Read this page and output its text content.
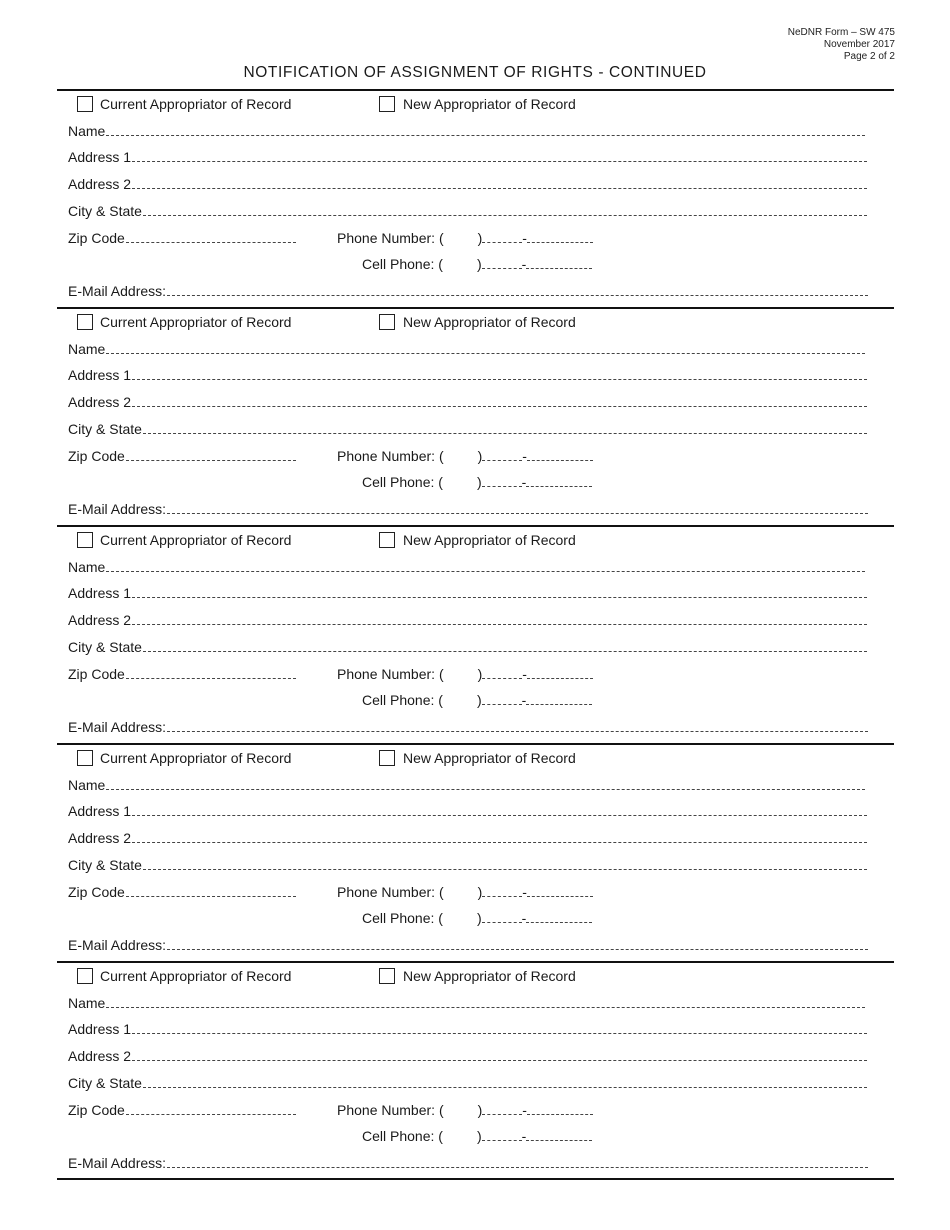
NeDNR Form – SW 475
November 2017
Page 2 of 2
NOTIFICATION OF ASSIGNMENT OF RIGHTS - CONTINUED
Current Appropriator of Record	New Appropriator of Record
Name
Address 1
Address 2
City & State
Zip Code	Phone Number: ( )	-
Cell Phone: ( )	-
E-Mail Address:
Current Appropriator of Record	New Appropriator of Record
Name
Address 1
Address 2
City & State
Zip Code	Phone Number: ( )	-
Cell Phone: ( )	-
E-Mail Address:
Current Appropriator of Record	New Appropriator of Record
Name
Address 1
Address 2
City & State
Zip Code	Phone Number: ( )	-
Cell Phone: ( )	-
E-Mail Address:
Current Appropriator of Record	New Appropriator of Record
Name
Address 1
Address 2
City & State
Zip Code	Phone Number: ( )	-
Cell Phone: ( )	-
E-Mail Address:
Current Appropriator of Record	New Appropriator of Record
Name
Address 1
Address 2
City & State
Zip Code	Phone Number: ( )	-
Cell Phone: ( )	-
E-Mail Address:
